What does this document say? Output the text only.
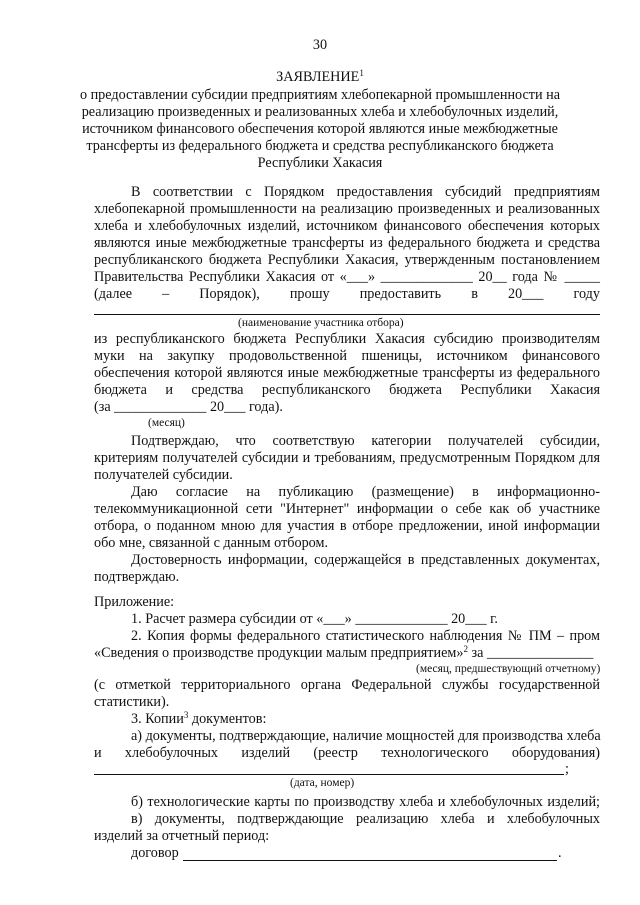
30
ЗАЯВЛЕНИЕ$^1$
о предоставлении субсидии предприятиям хлебопекарной промышленности на
реализацию произведенных и реализованных хлеба и хлебобулочных изделий,
источником финансового обеспечения которой являются иные межбюджетные
трансферты из федерального бюджета и средства республиканского бюджета
Республики Хакасия
В соответствии с Порядком предоставления субсидий предприятиям
хлебопекарной промышленности на реализацию произведенных и реализованных
хлеба и хлебобулочных изделий, источником финансового обеспечения которых
являются иные межбюджетные трансферты из федерального бюджета и средства
республиканского бюджета Республики Хакасия, утвержденным постановлением
Правительства Республики Хакасия от «___» _____________ 20__ года № _____
(далее – Порядок), прошу предоставить в 20___ году
(наименование участника отбора)
из республиканского бюджета Республики Хакасия субсидию производителям
муки на закупку продовольственной пшеницы, источником финансового
обеспечения которой являются иные межбюджетные трансферты из федерального
бюджета и средства республиканского бюджета Республики Хакасия
(за _____________ 20___ года).
(месяц)
Подтверждаю, что соответствую категории получателей субсидии,
критериям получателей субсидии и требованиям, предусмотренным Порядком для
получателей субсидии.
Даю согласие на публикацию (размещение) в информационно-
телекоммуникационной сети "Интернет" информации о себе как об участнике
отбора, о поданном мною для участия в отборе предложении, иной информации
обо мне, связанной с данным отбором.
Достоверность информации, содержащейся в представленных документах,
подтверждаю.
Приложение:
1. Расчет размера субсидии от «___» _____________ 20___ г.
2. Копия формы федерального статистического наблюдения № ПМ – пром
«Сведения о производстве продукции малым предприятием»$^2$ за _______________
(месяц, предшествующий отчетному)
(с отметкой территориального органа Федеральной службы государственной
статистики).
3. Копии$^3$ документов:
а) документы, подтверждающие, наличие мощностей для производства хлеба
и хлебобулочных изделий (реестр технологического оборудования)
;
(дата, номер)
б) технологические карты по производству хлеба и хлебобулочных изделий;
в) документы, подтверждающие реализацию хлеба и хлебобулочных
изделий за отчетный период:
договор	.
